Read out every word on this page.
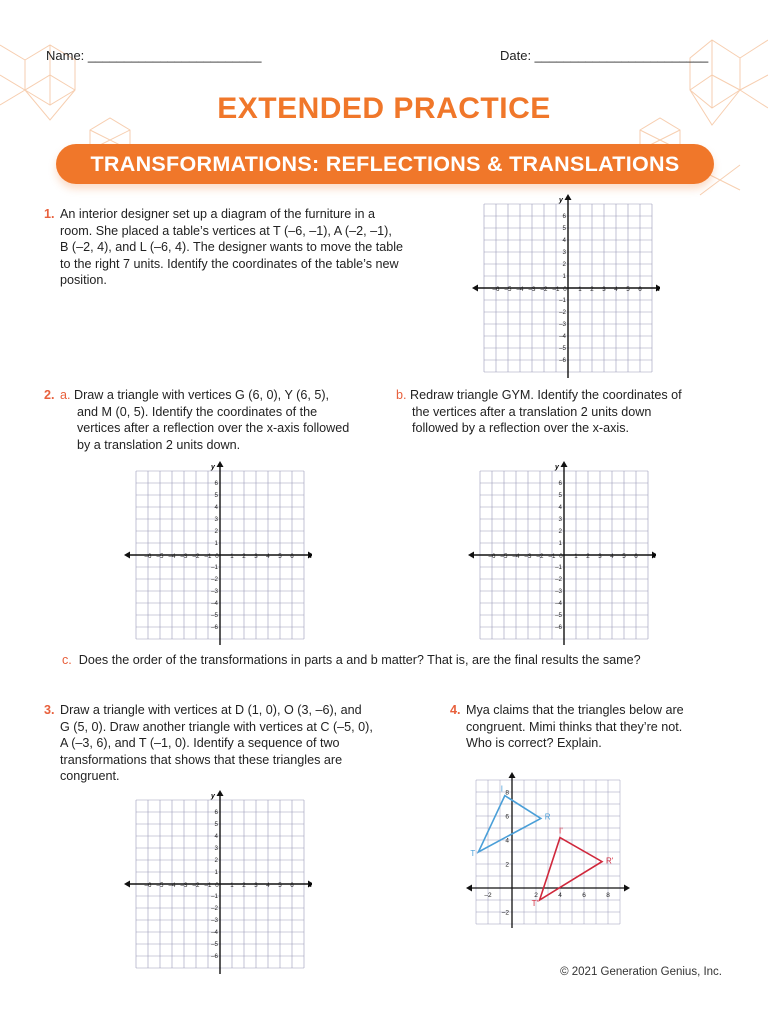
Name: ________________________	Date: ________________________
EXTENDED PRACTICE
TRANSFORMATIONS: REFLECTIONS & TRANSLATIONS
1. An interior designer set up a diagram of the furniture in a
room. She placed a table’s vertices at T (–6, –1), A (–2, –1),
B (–2, 4), and L (–6, 4). The designer wants to move the table
to the right 7 units. Identify the coordinates of the table’s new
position.
2. a. Draw a triangle with vertices G (6, 0), Y (6, 5),
and M (0, 5). Identify the coordinates of the
vertices after a reflection over the x-axis followed
by a translation 2 units down.
b. Redraw triangle GYM. Identify the coordinates of
the vertices after a translation 2 units down
followed by a reflection over the x-axis.
c. Does the order of the transformations in parts a and b matter? That is, are the final results the same?
3. Draw a triangle with vertices at D (1, 0), O (3, –6), and
G (5, 0). Draw another triangle with vertices at C (–5, 0),
A (–3, 6), and T (–1, 0). Identify a sequence of two
transformations that shows that these triangles are
congruent.
4. Mya claims that the triangles below are
congruent. Mimi thinks that they’re not.
Who is correct? Explain.
x
y
–6 –5 –4 –3 –2 –1 0 1 2 3 4 5 6
6
5
4
3
2
1
–1
–2
–3
–4
–5
–6
x
y
–6 –5 –4 –3 –2 –1 0 1 2 3 4 5 6
6
5
4
3
2
1
–1
–2
–3
–4
–5
–6
x
y
–6 –5 –4 –3 –2 –1 0 1 2 3 4 5 6
6
5
4
3
2
1
–1
–2
–3
–4
–5
–6
x
y
–6 –5 –4 –3 –2 –1 0 1 2 3 4 5 6
6
5
4
3
2
1
–1
–2
–3
–4
–5
–6
–2	2	4	6	8
8
6
4
2
–2
I
R
T
I'
R'
T'
© 2021 Generation Genius, Inc.
